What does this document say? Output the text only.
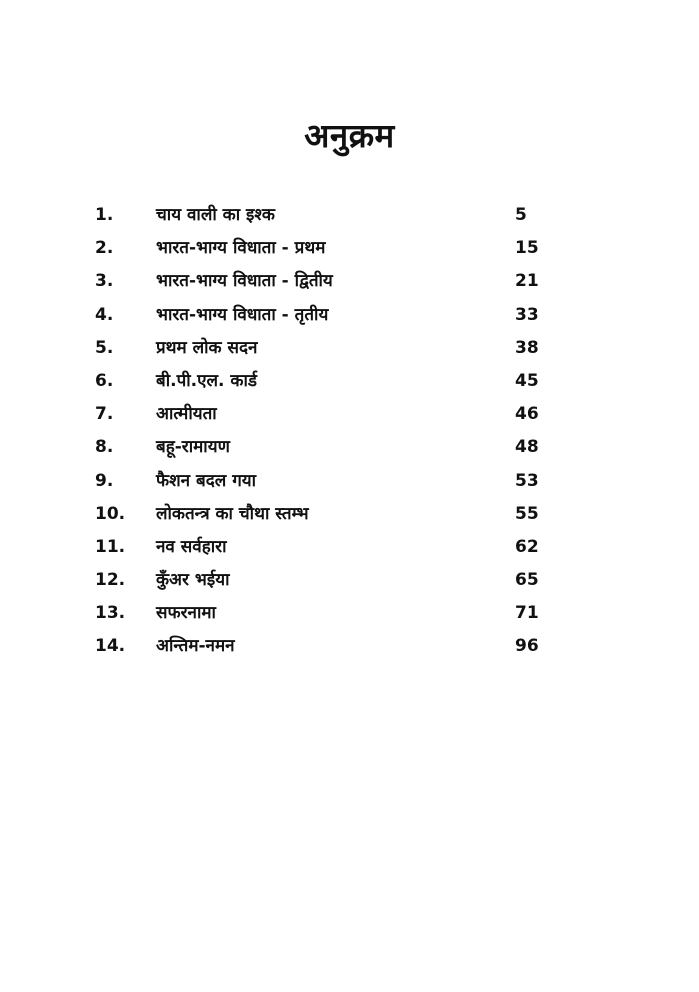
अनुक्रम
1.	चाय वाली का इश्क	5
2.	भारत-भाग्य विधाता - प्रथम	15
3.	भारत-भाग्य विधाता - द्वितीय	21
4.	भारत-भाग्य विधाता - तृतीय	33
5.	प्रथम लोक सदन	38
6.	बी.पी.एल. कार्ड	45
7.	आत्मीयता	46
8.	बहू-रामायण	48
9.	फैशन बदल गया	53
10. लोकतन्त्र का चौथा स्तम्भ	55
11. नव सर्वहारा	62
12. कुँअर भईया	65
13. सफरनामा	71
14. अन्तिम-नमन	96
